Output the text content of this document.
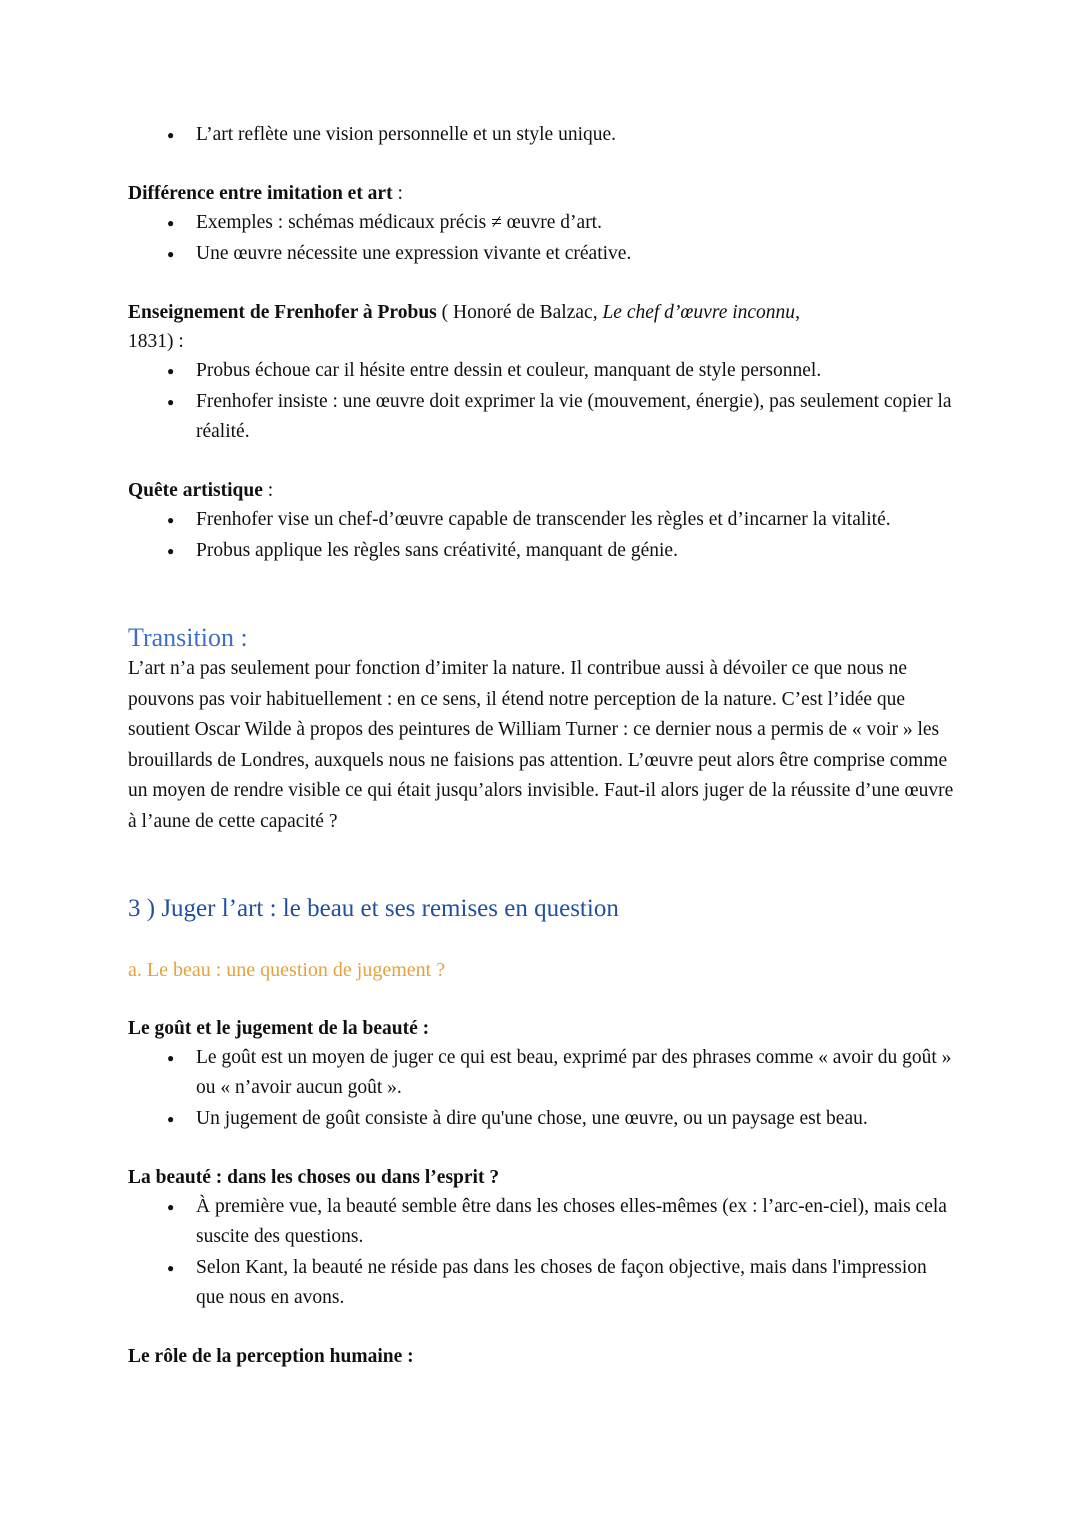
● L’art reflète une vision personnelle et un style unique.

Différence entre imitation et art :

● Exemples : schémas médicaux précis ≠ œuvre d’art.
● Une œuvre nécessite une expression vivante et créative.

Enseignement de Frenhofer à Probus ( Honoré de Balzac, Le chef d’œuvre inconnu,
1831) :

● Probus échoue car il hésite entre dessin et couleur, manquant de style personnel.
● Frenhofer insiste : une œuvre doit exprimer la vie (mouvement, énergie), pas seulement copier la réalité.

Quête artistique :

● Frenhofer vise un chef-d’œuvre capable de transcender les règles et d’incarner la vitalité.
● Probus applique les règles sans créativité, manquant de génie.

Transition :

L’art n’a pas seulement pour fonction d’imiter la nature. Il contribue aussi à dévoiler ce que nous ne pouvons pas voir habituellement : en ce sens, il étend notre perception de la nature. C’est l’idée que soutient Oscar Wilde à propos des peintures de William Turner : ce dernier nous a permis de « voir » les brouillards de Londres, auxquels nous ne faisions pas attention. L’œuvre peut alors être comprise comme un moyen de rendre visible ce qui était jusqu’alors invisible. Faut-il alors juger de la réussite d’une œuvre à l’aune de cette capacité ?

3 ) Juger l’art : le beau et ses remises en question

a. Le beau : une question de jugement ?

Le goût et le jugement de la beauté :

● Le goût est un moyen de juger ce qui est beau, exprimé par des phrases comme « avoir du goût » ou « n’avoir aucun goût ».
● Un jugement de goût consiste à dire qu'une chose, une œuvre, ou un paysage est beau.

La beauté : dans les choses ou dans l’esprit ?

● À première vue, la beauté semble être dans les choses elles-mêmes (ex : l’arc-en-ciel), mais cela suscite des questions.
● Selon Kant, la beauté ne réside pas dans les choses de façon objective, mais dans l'impression que nous en avons.

Le rôle de la perception humaine :
